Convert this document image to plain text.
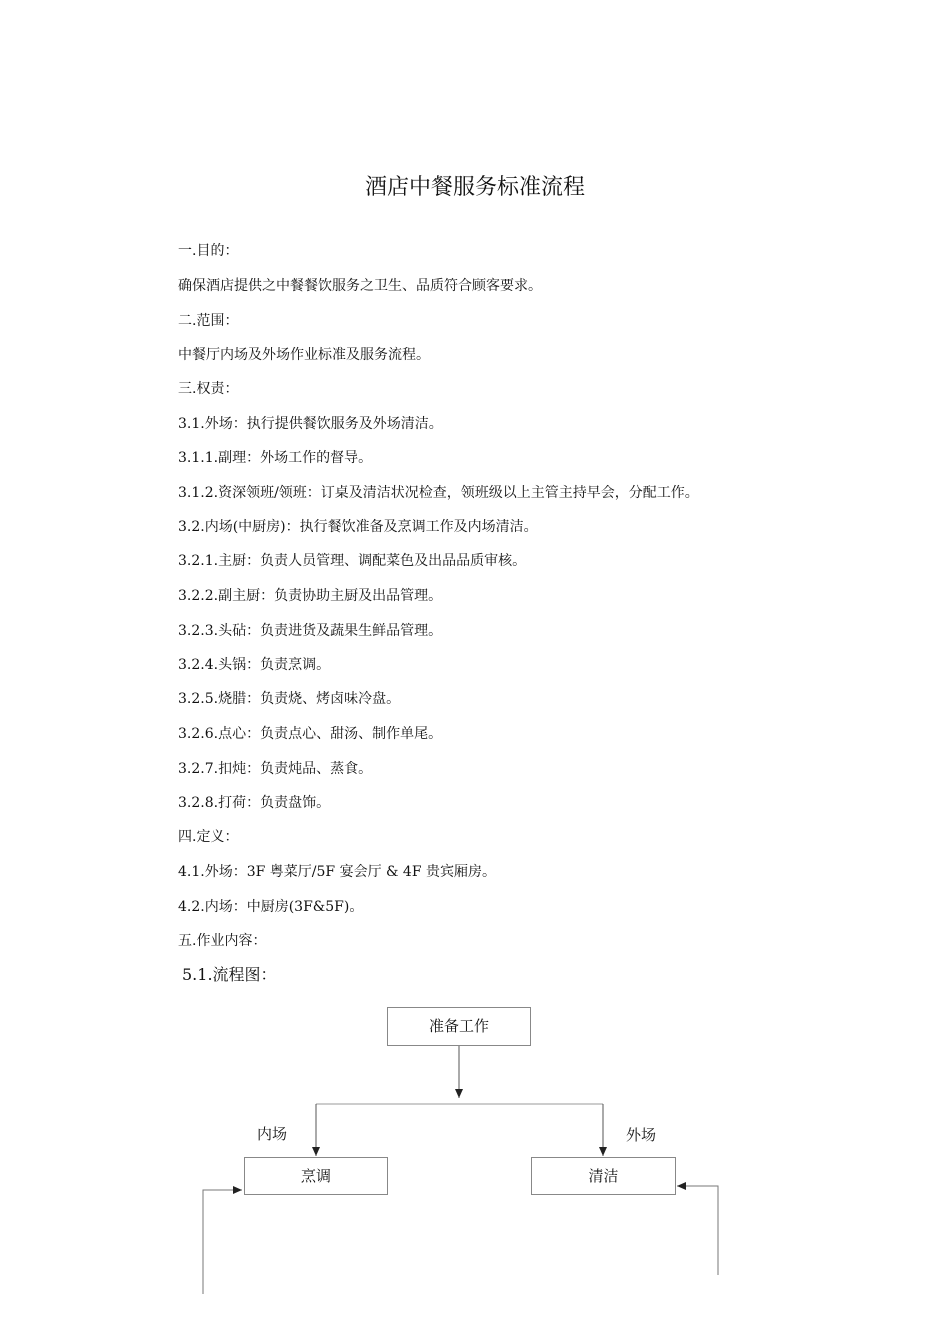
酒店中餐服务标准流程
一.目的：
确保酒店提供之中餐餐饮服务之卫生、品质符合顾客要求。
二.范围：
中餐厅内场及外场作业标准及服务流程。
三.权责：
3.1.外场：执行提供餐饮服务及外场清洁。
3.1.1.副理：外场工作的督导。
3.1.2.资深领班/领班：订桌及清洁状况检查，领班级以上主管主持早会，分配工作。
3.2.内场(中厨房)：执行餐饮准备及烹调工作及内场清洁。
3.2.1.主厨：负责人员管理、调配菜色及出品品质审核。
3.2.2.副主厨：负责协助主厨及出品管理。
3.2.3.头砧：负责进货及蔬果生鲜品管理。
3.2.4.头锅：负责烹调。
3.2.5.烧腊：负责烧、烤卤味冷盘。
3.2.6.点心：负责点心、甜汤、制作单尾。
3.2.7.扣炖：负责炖品、蒸食。
3.2.8.打荷：负责盘饰。
四.定义：
4.1.外场：3F 粤菜厅/5F 宴会厅 & 4F 贵宾厢房。
4.2.内场：中厨房(3F&5F)。
五.作业内容：
5.1.流程图：
准备工作
内场	外场
烹调	清洁
